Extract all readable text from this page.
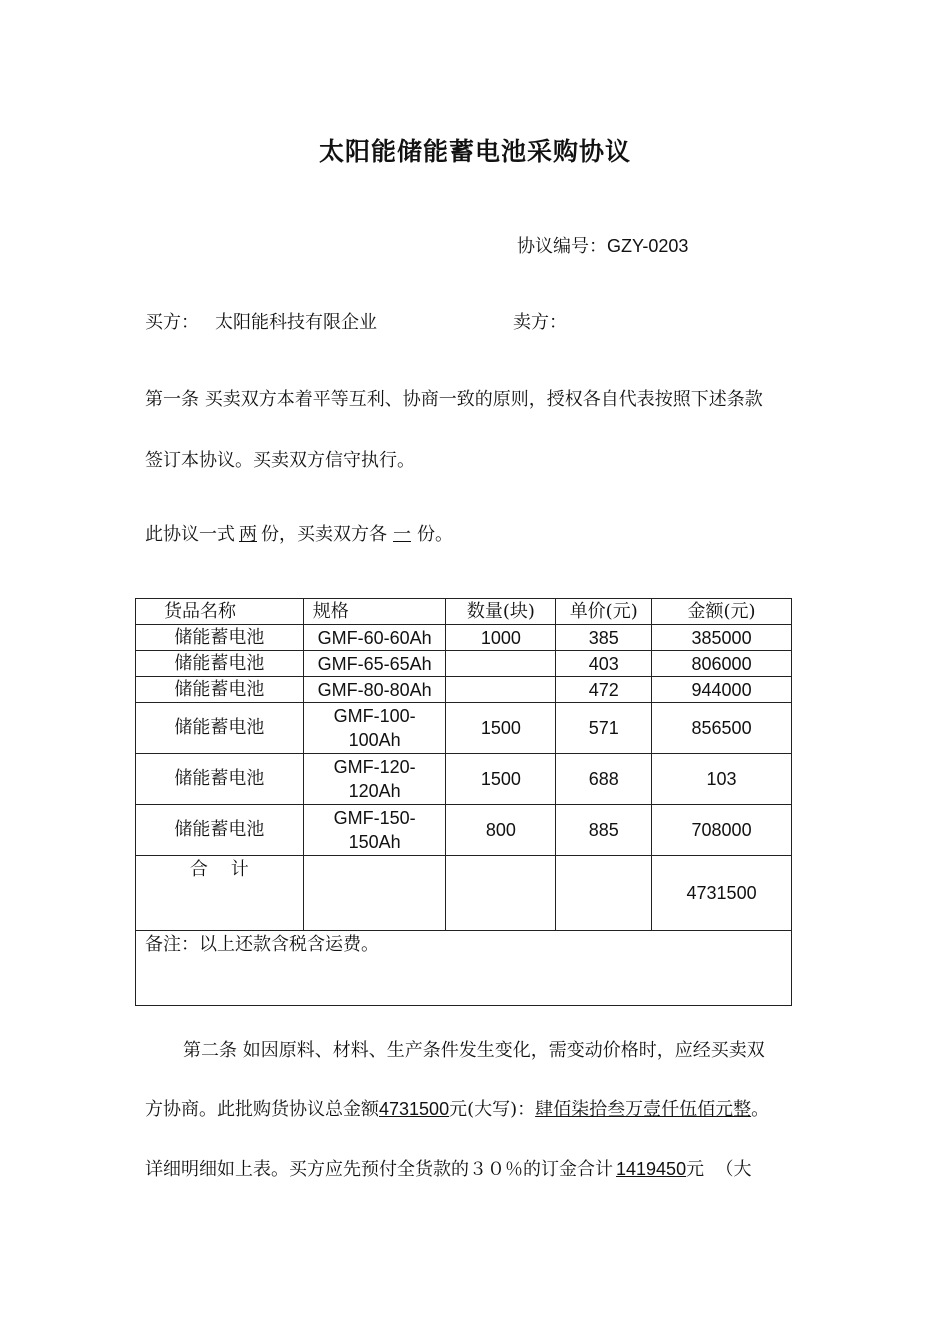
太阳能储能蓄电池采购协议
协议编号：GZY-0203
买方： 太阳能科技有限企业	卖方：
第一条 买卖双方本着平等互利、协商一致的原则，授权各自代表按照下述条款
签订本协议。买卖双方信守执行。
此协议一式 两 份，买卖双方各 一 份。
货品名称	规格	数量(块)	单价(元)	金额(元)
储能蓄电池	GMF-60-60Ah	1000	385	385000
储能蓄电池	GMF-65-65Ah		403	806000
储能蓄电池	GMF-80-80Ah		472	944000
储能蓄电池	GMF-100-
100Ah	1500	571	856500
储能蓄电池	GMF-120-
120Ah	1500	688	103
储能蓄电池	GMF-150-
150Ah	800	885	708000
合    计				4731500
备注：以上还款含税含运费。				
第二条 如因原料、材料、生产条件发生变化，需变动价格时，应经买卖双
方协商。此批购货协议总金额4731500元(大写)：肆佰柒拾叁万壹仟伍佰元整。
详细明细如上表。买方应先预付全货款的３０％的订金合计 1419450元  （大
